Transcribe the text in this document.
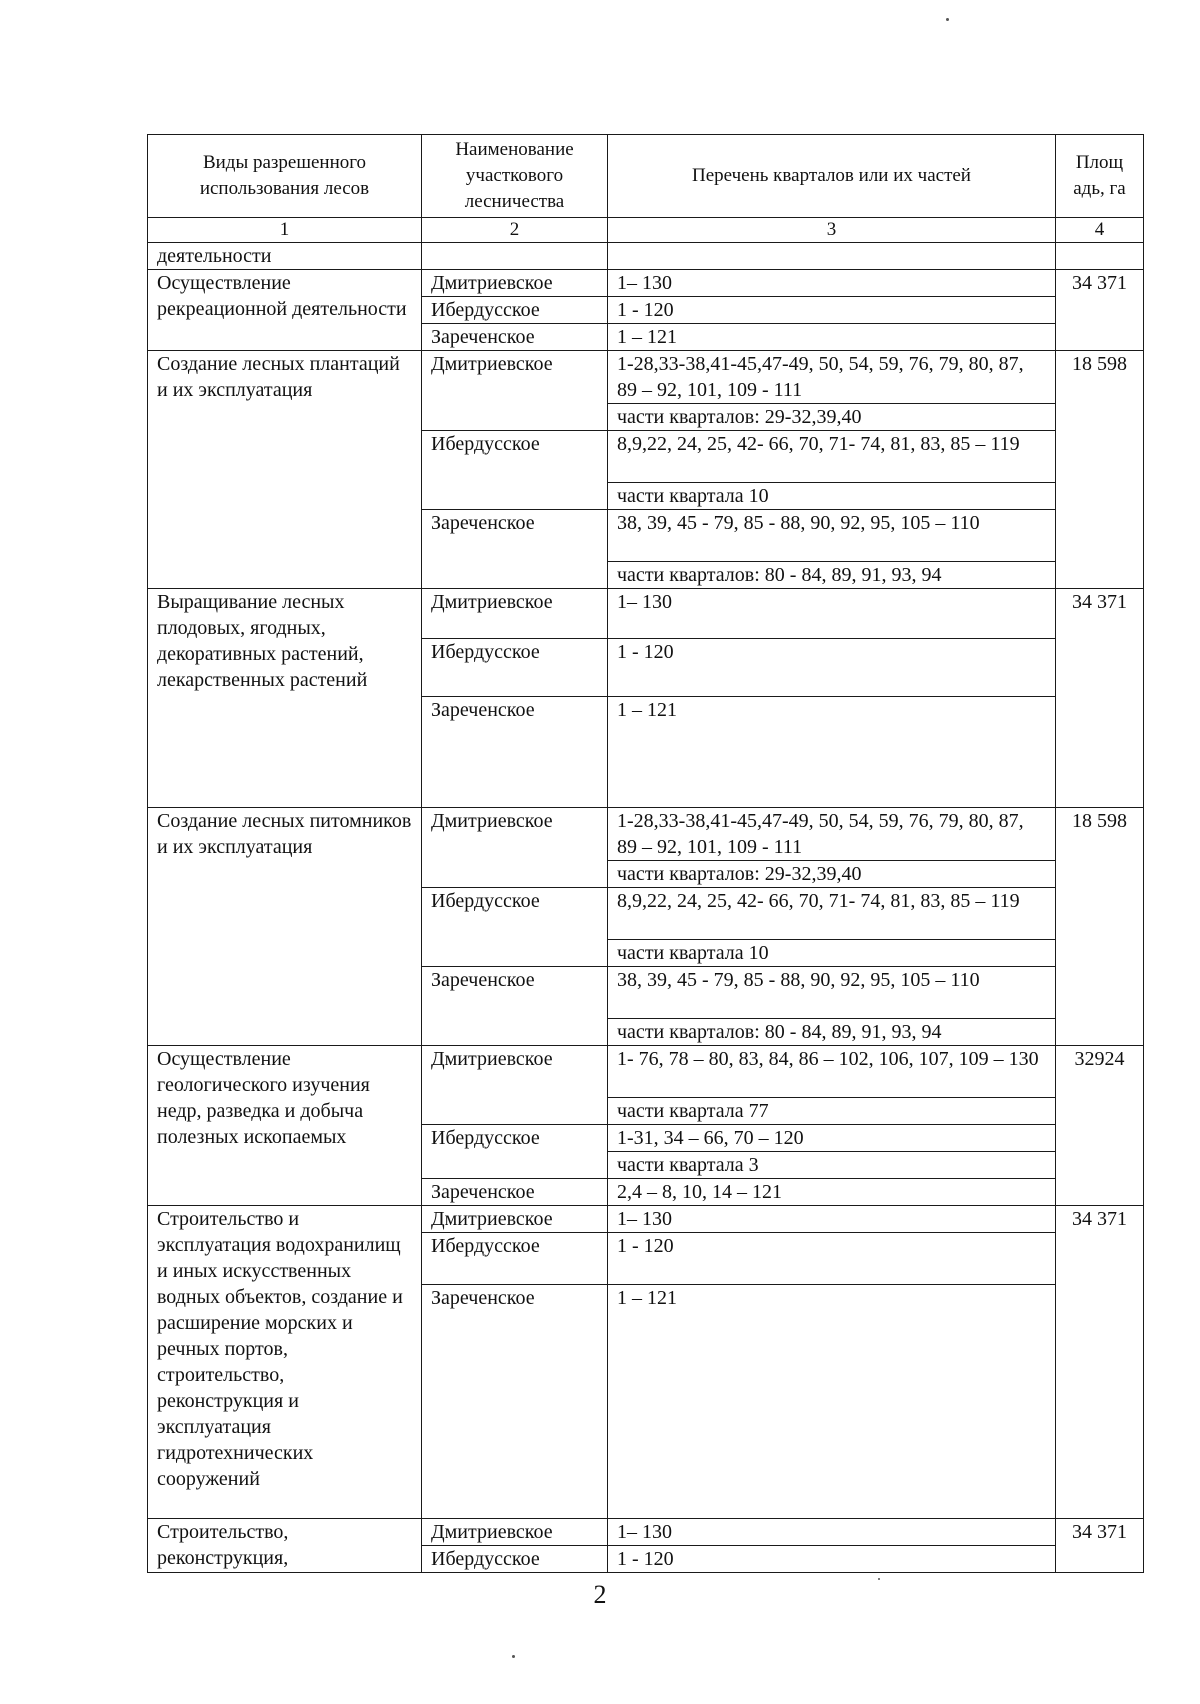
Виды разрешенного использования лесов	Наименование участкового лесничества	Перечень кварталов или их частей	Площ адь, га
1	2	3	4
деятельности			
Осуществление рекреационной деятельности	Дмитриевское	1– 130	34 371
	Ибердусское	1 - 120	
	Зареченское	1 – 121	
Создание лесных плантаций и их эксплуатация	Дмитриевское	1-28,33-38,41-45,47-49, 50, 54, 59, 76, 79, 80, 87, 89 – 92, 101, 109 - 111	18 598
		части кварталов: 29-32,39,40	
	Ибердусское	8,9,22, 24, 25, 42- 66, 70, 71- 74, 81, 83, 85 – 119	
		части квартала 10	
	Зареченское	38, 39, 45 - 79, 85 - 88, 90, 92, 95, 105 – 110	
		части кварталов: 80 - 84, 89, 91, 93, 94	
Выращивание лесных плодовых, ягодных, декоративных растений, лекарственных растений	Дмитриевское	1– 130	34 371
	Ибердусское	1 - 120	
	Зареченское	1 – 121	
Создание лесных питомников и их эксплуатация	Дмитриевское	1-28,33-38,41-45,47-49, 50, 54, 59, 76, 79, 80, 87, 89 – 92, 101, 109 - 111	18 598
		части кварталов: 29-32,39,40	
	Ибердусское	8,9,22, 24, 25, 42- 66, 70, 71- 74, 81, 83, 85 – 119	
		части квартала 10	
	Зареченское	38, 39, 45 - 79, 85 - 88, 90, 92, 95, 105 – 110	
		части кварталов: 80 - 84, 89, 91, 93, 94	
Осуществление геологического изучения недр, разведка и добыча полезных ископаемых	Дмитриевское	1- 76, 78 – 80, 83, 84, 86 – 102, 106, 107, 109 – 130	32924
		части квартала 77	
	Ибердусское	1-31, 34 – 66, 70 – 120	
		части квартала 3	
	Зареченское	2,4 – 8, 10, 14 – 121	
Строительство и эксплуатация водохранилищ и иных искусственных водных объектов, создание и расширение морских и речных портов, строительство, реконструкция и эксплуатация гидротехнических сооружений	Дмитриевское	1– 130	34 371
	Ибердусское	1 - 120	
	Зареченское	1 – 121	
Строительство, реконструкция,	Дмитриевское	1– 130	34 371
	Ибердусское	1 - 120	
2
